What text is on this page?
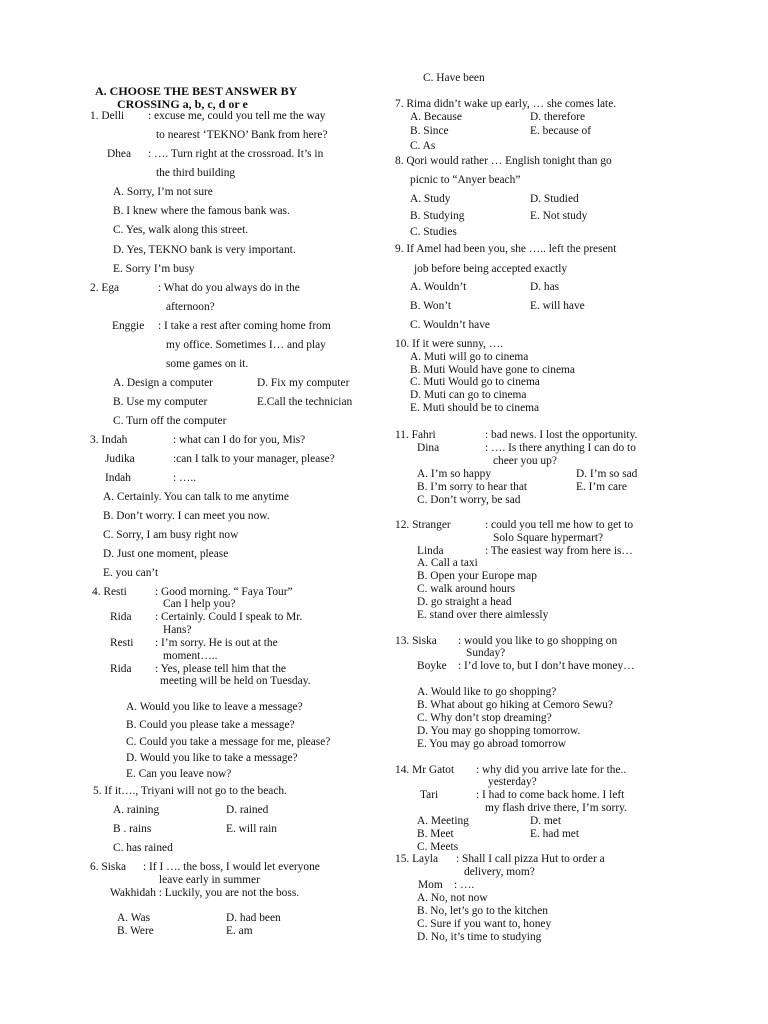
A. CHOOSE THE BEST ANSWER BY
CROSSING a, b, c, d or e
1. Delli : excuse me, could you tell me the way
to nearest ‘TEKNO’ Bank from here?
Dhea : …. Turn right at the crossroad. It’s in
the third building
A. Sorry, I’m not sure
B. I knew where the famous bank was.
C. Yes, walk along this street.
D. Yes, TEKNO bank is very important.
E. Sorry I’m busy
2. Ega	: What do you always do in the
afternoon?
Enggie : I take a rest after coming home from
my office. Sometimes I… and play
some games on it.
A. Design a computer	D. Fix my computer
B. Use my computer	E.Call the technician
C. Turn off the computer
3. Indah	: what can I do for you, Mis?
Judika	:can I talk to your manager, please?
Indah	: …..
A. Certainly. You can talk to me anytime
B. Don’t worry. I can meet you now.
C. Sorry, I am busy right now
D. Just one moment, please
E. you can’t
4. Resti : Good morning. “ Faya Tour”
Can I help you?
Rida : Certainly. Could I speak to Mr.
Hans?
Resti : I’m sorry. He is out at the
moment…..
Rida : Yes, please tell him that the
meeting will be held on Tuesday.
A. Would you like to leave a message?
B. Could you please take a message?
C. Could you take a message for me, please?
D. Would you like to take a message?
E. Can you leave now?
5. If it…., Triyani will not go to the beach.
A. raining	D. rained
B . rains	E. will rain
C. has rained
6. Siska : If I …. the boss, I would let everyone
leave early in summer
Wakhidah : Luckily, you are not the boss.
A. Was	D. had been
B. Were	E. am
C. Have been
7. Rima didn’t wake up early, … she comes late.
A. Because	D. therefore
B. Since	E. because of
C. As
8. Qori would rather … English tonight than go
picnic to “Anyer beach”
A. Study	D. Studied
B. Studying	E. Not study
C. Studies
9. If Amel had been you, she ….. left the present
job before being accepted exactly
A. Wouldn’t	D. has
B. Won’t	E. will have
C. Wouldn’t have
10. If it were sunny, ….
A. Muti will go to cinema
B. Muti Would have gone to cinema
C. Muti Would go to cinema
D. Muti can go to cinema
E. Muti should be to cinema
11. Fahri	: bad news. I lost the opportunity.
Dina	: …. Is there anything I can do to
cheer you up?
A. I’m so happy	D. I’m so sad
B. I’m sorry to hear that	E. I’m care
C. Don’t worry, be sad
12. Stranger	: could you tell me how to get to
Solo Square hypermart?
Linda	: The easiest way from here is…
A. Call a taxi
B. Open your Europe map
C. walk around hours
D. go straight a head
E. stand over there aimlessly
13. Siska : would you like to go shopping on
Sunday?
Boyke : I’d love to, but I don’t have money…
A. Would like to go shopping?
B. What about go hiking at Cemoro Sewu?
C. Why don’t stop dreaming?
D. You may go shopping tomorrow.
E. You may go abroad tomorrow
14. Mr Gatot : why did you arrive late for the..
yesterday?
Tari	: I had to come back home. I left
my flash drive there, I’m sorry.
A. Meeting	D. met
B. Meet	E. had met
C. Meets
15. Layla : Shall I call pizza Hut to order a
delivery, mom?
Mom : ….
A. No, not now
B. No, let’s go to the kitchen
C. Sure if you want to, honey
D. No, it’s time to studying
